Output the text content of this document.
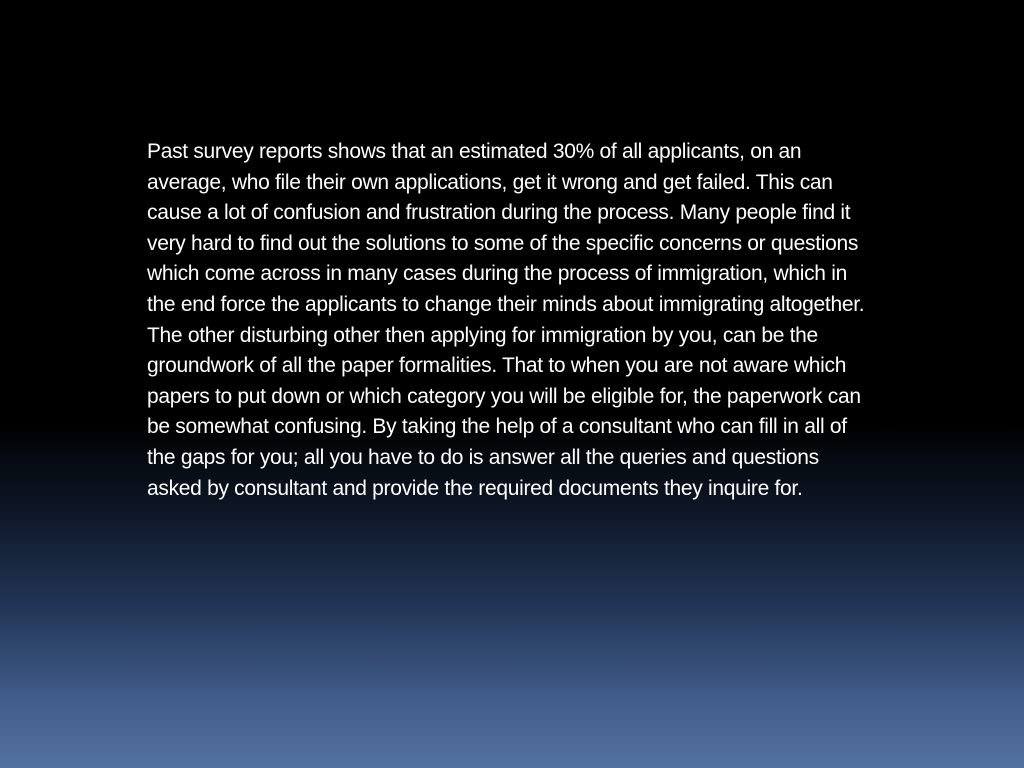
Past survey reports shows that an estimated 30% of all applicants, on an average, who file their own applications, get it wrong and get failed. This can cause a lot of confusion and frustration during the process. Many people find it very hard to find out the solutions to some of the specific concerns or questions which come across in many cases during the process of immigration, which in the end force the applicants to change their minds about immigrating altogether. The other disturbing other then applying for immigration by you, can be the groundwork of all the paper formalities. That to when you are not aware which papers to put down or which category you will be eligible for, the paperwork can be somewhat confusing. By taking the help of a consultant who can fill in all of the gaps for you; all you have to do is answer all the queries and questions asked by consultant and provide the required documents they inquire for.
